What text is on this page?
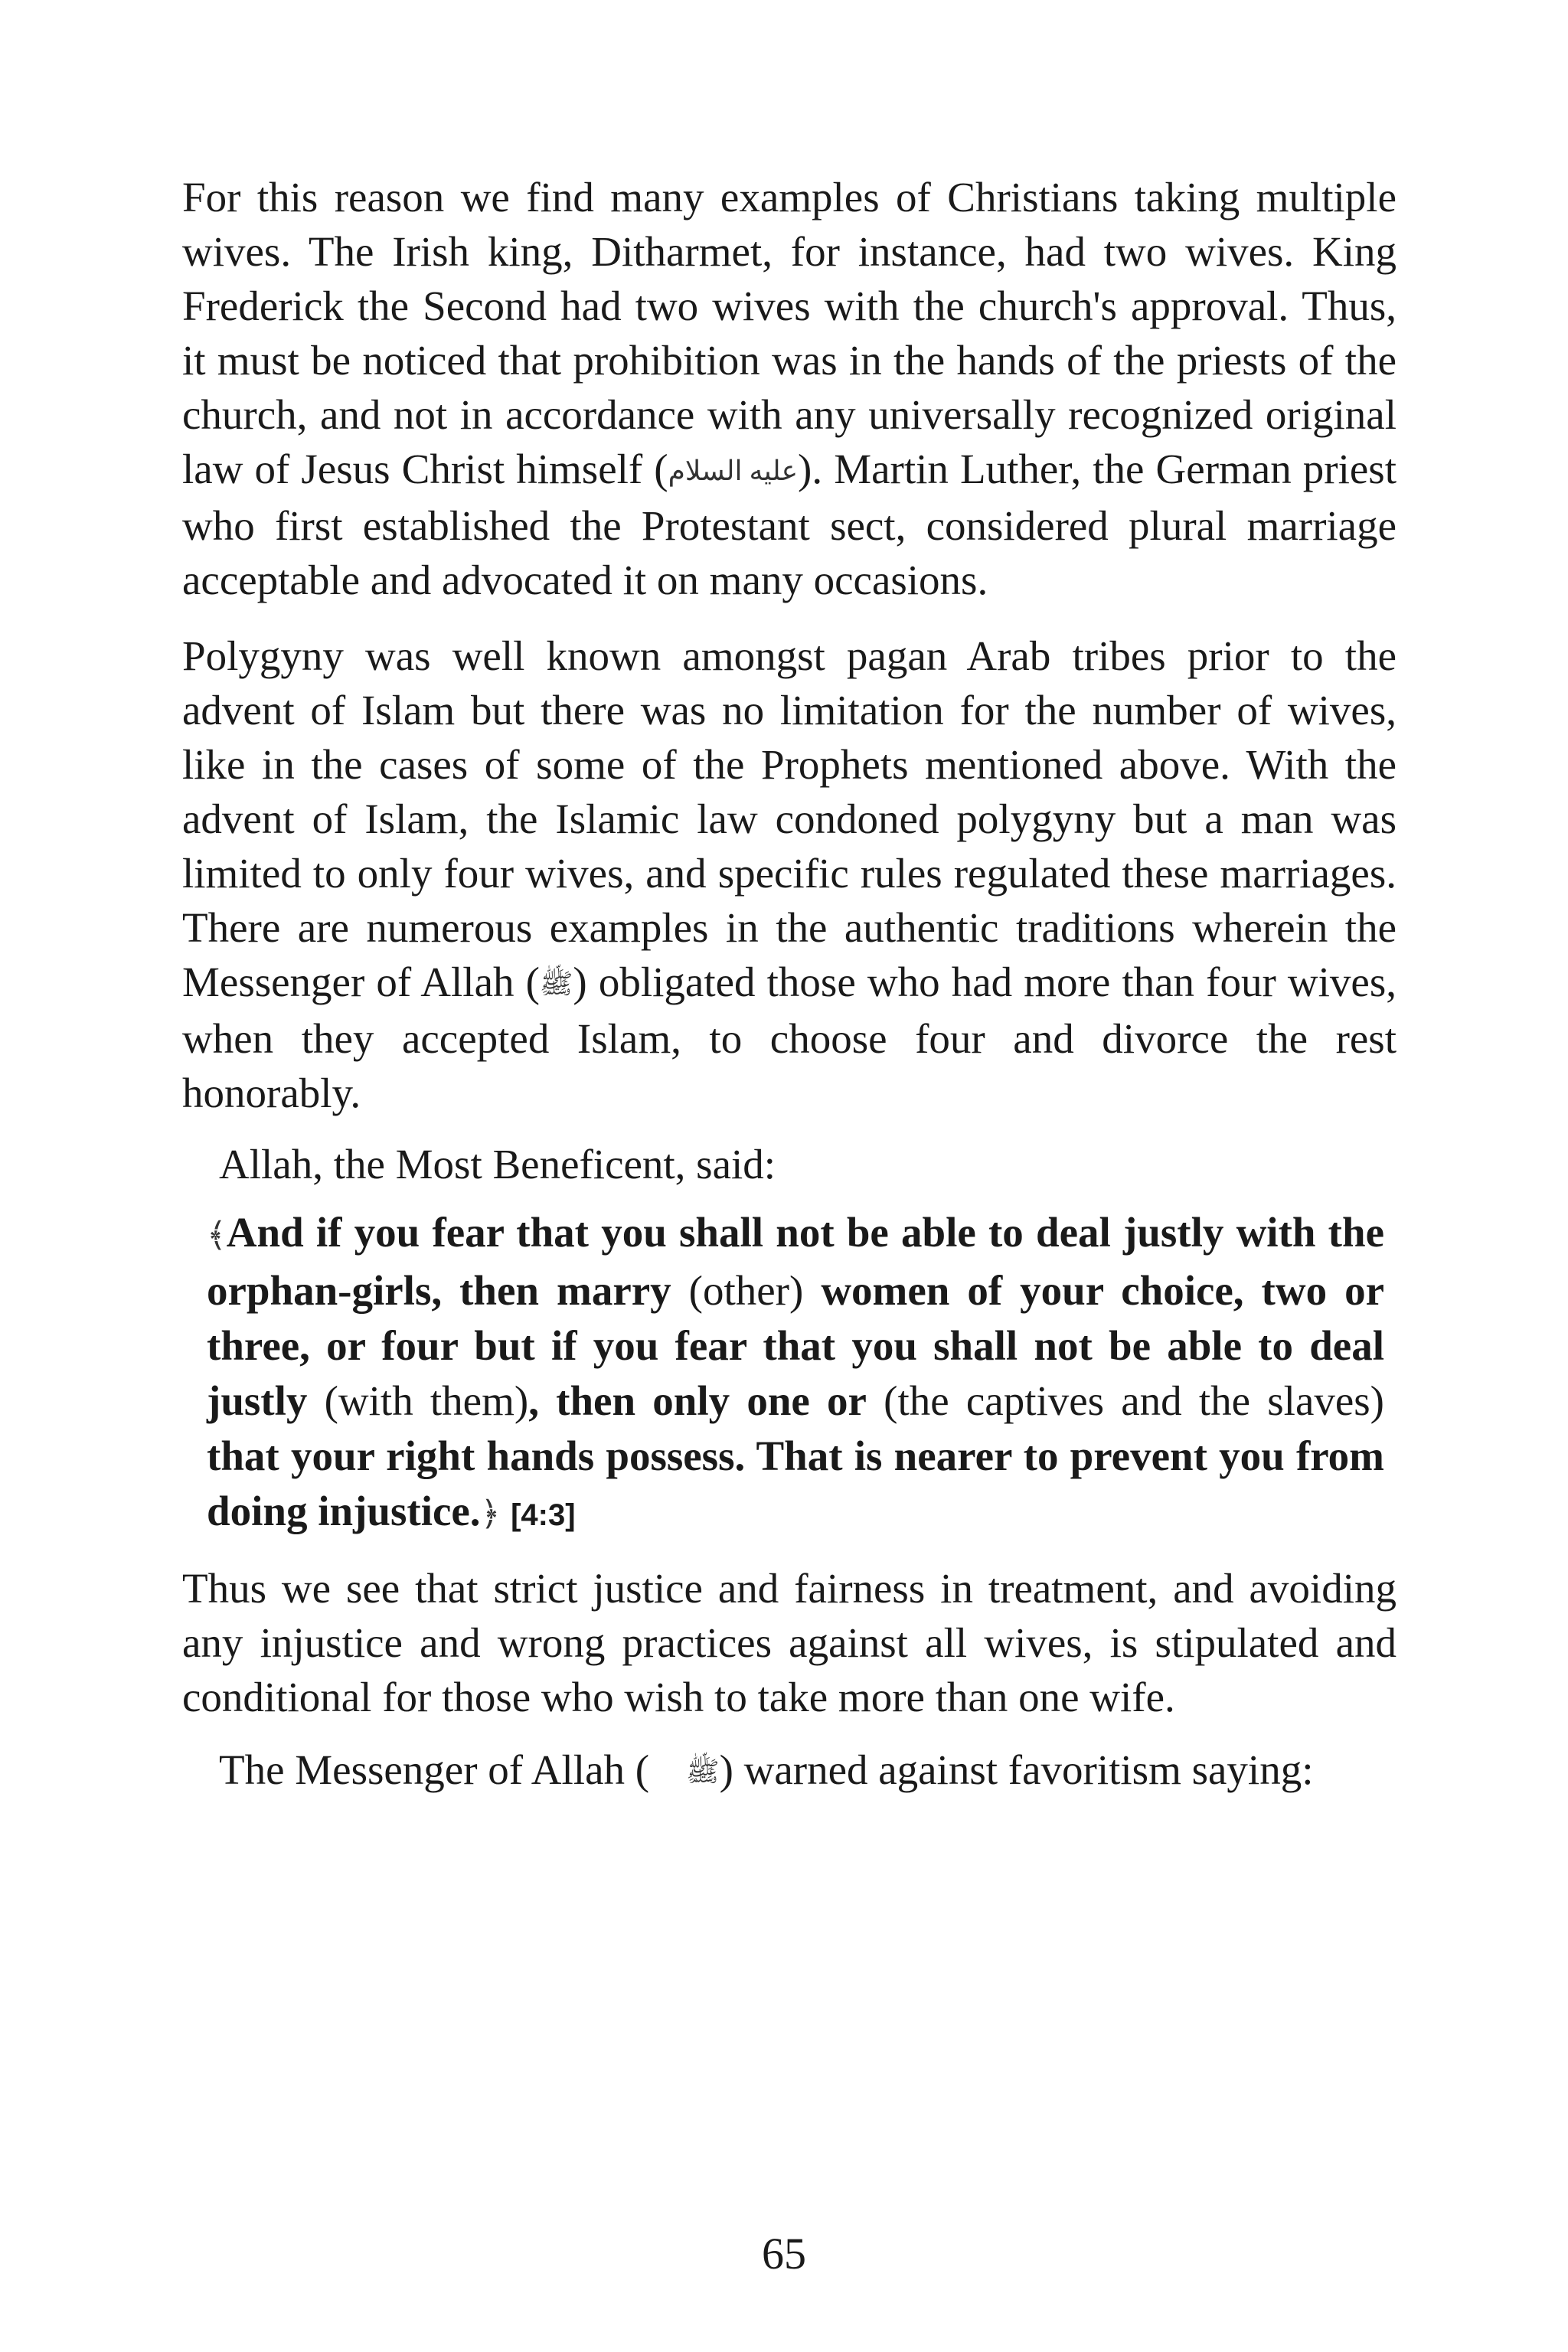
For this reason we find many examples of Christians taking multiple wives. The Irish king, Ditharmet, for instance, had two wives. King Frederick the Second had two wives with the church's approval. Thus, it must be noticed that prohibition was in the hands of the priests of the church, and not in accordance with any universally recognized original law of Jesus Christ himself (عليه السلام). Martin Luther, the German priest who first established the Protestant sect, considered plural marriage acceptable and advocated it on many occasions.

Polygyny was well known amongst pagan Arab tribes prior to the advent of Islam but there was no limitation for the number of wives, like in the cases of some of the Prophets mentioned above. With the advent of Islam, the Islamic law condoned polygyny but a man was limited to only four wives, and specific rules regulated these marriages. There are numerous examples in the authentic traditions wherein the Messenger of Allah (ﷺ) obligated those who had more than four wives, when they accepted Islam, to choose four and divorce the rest honorably.

Allah, the Most Beneficent, said:

﴾And if you fear that you shall not be able to deal justly with the orphan-girls, then marry (other) women of your choice, two or three, or four but if you fear that you shall not be able to deal justly (with them), then only one or (the captives and the slaves) that your right hands possess. That is nearer to prevent you from doing injustice.﴿ [4:3]

Thus we see that strict justice and fairness in treatment, and avoiding any injustice and wrong practices against all wives, is stipulated and conditional for those who wish to take more than one wife.

The Messenger of Allah ( ﷺ) warned against favoritism saying:

65
